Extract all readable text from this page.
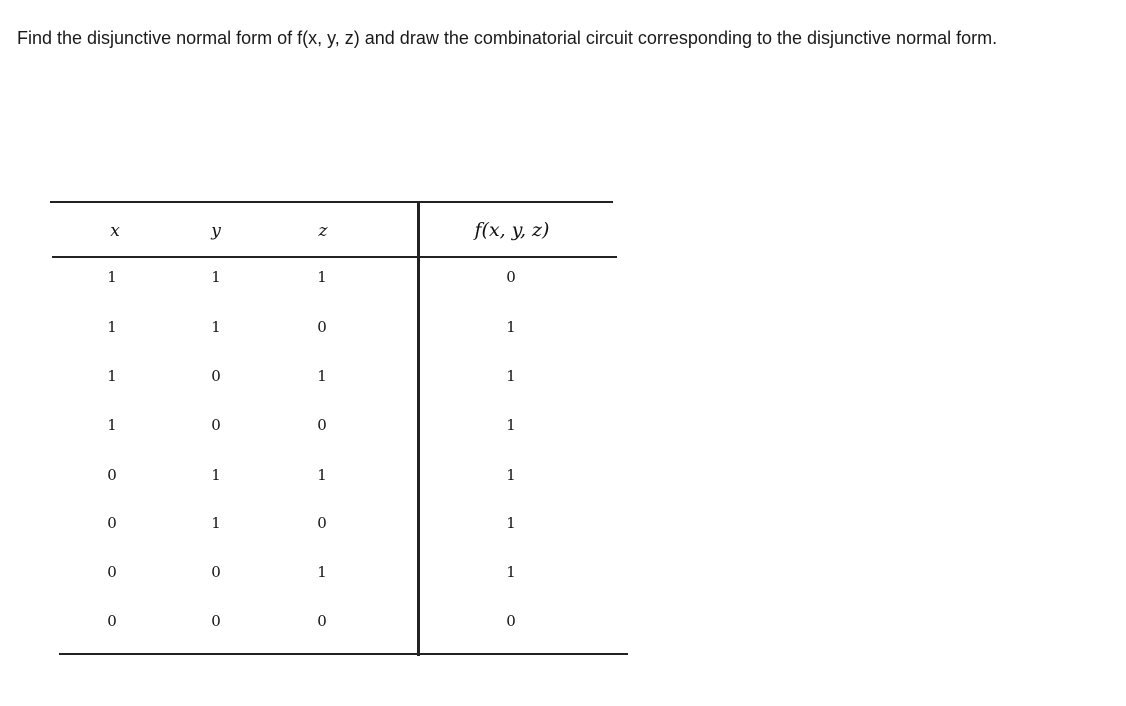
Find the disjunctive normal form of f(x, y, z) and draw the combinatorial circuit corresponding to the disjunctive normal form.
x	y	z	f(x, y, z)
1	1	1	0
1	1	0	1
1	0	1	1
1	0	0	1
0	1	1	1
0	1	0	1
0	0	1	1
0	0	0	0
